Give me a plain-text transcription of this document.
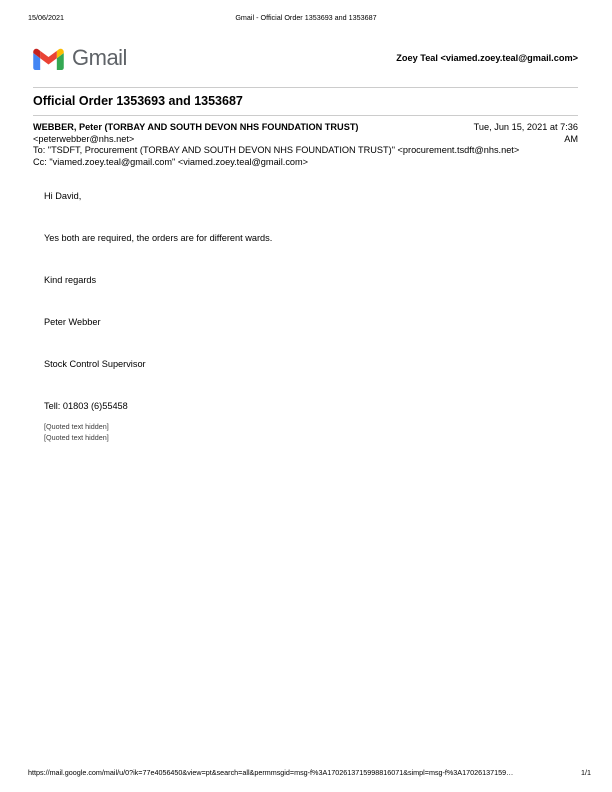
15/06/2021	Gmail - Official Order 1353693 and 1353687
Gmail	Zoey Teal <viamed.zoey.teal@gmail.com>
Official Order 1353693 and 1353687
WEBBER, Peter (TORBAY AND SOUTH DEVON NHS FOUNDATION TRUST)
<peterwebber@nhs.net>
Tue, Jun 15, 2021 at 7:36 AM
To: "TSDFT, Procurement (TORBAY AND SOUTH DEVON NHS FOUNDATION TRUST)" <procurement.tsdft@nhs.net>
Cc: "viamed.zoey.teal@gmail.com" <viamed.zoey.teal@gmail.com>

Hi David,

Yes both are required, the orders are for different wards.

Kind regards

Peter Webber

Stock Control Supervisor

Tell: 01803 (6)55458

[Quoted text hidden]
[Quoted text hidden]
https://mail.google.com/mail/u/0?ik=77e4056450&view=pt&search=all&permmsgid=msg-f%3A1702613715998816071&simpl=msg-f%3A17026137159…	1/1
